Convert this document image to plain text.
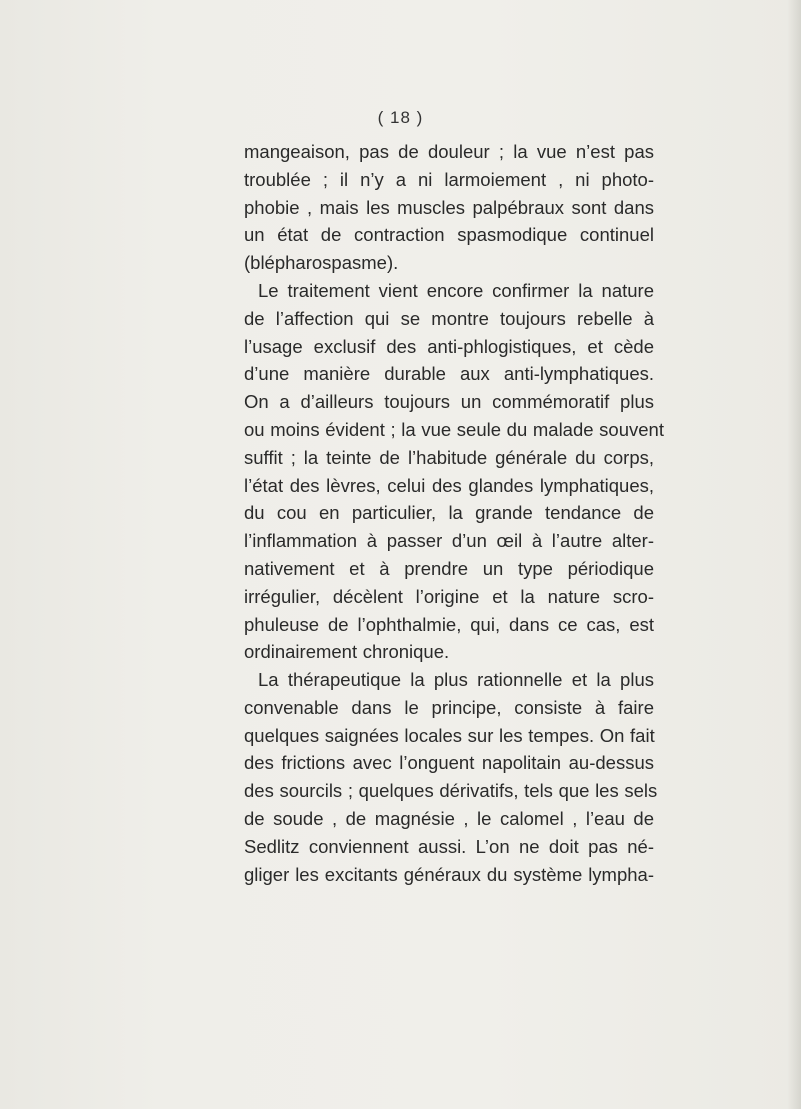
( 18 )
mangeaison, pas de douleur ; la vue n’est pas
troublée ; il n’y a ni larmoiement , ni photo-
phobie , mais les muscles palpébraux sont dans
un état de contraction spasmodique continuel
(blépharospasme).
Le traitement vient encore confirmer la nature
de l’affection qui se montre toujours rebelle à
l’usage exclusif des anti-phlogistiques, et cède
d’une manière durable aux anti-lymphatiques.
On a d’ailleurs toujours un commémoratif plus
ou moins évident ; la vue seule du malade souvent
suffit ; la teinte de l’habitude générale du corps,
l’état des lèvres, celui des glandes lymphatiques,
du cou en particulier, la grande tendance de
l’inflammation à passer d’un œil à l’autre alter-
nativement et à prendre un type périodique
irrégulier, décèlent l’origine et la nature scro-
phuleuse de l’ophthalmie, qui, dans ce cas, est
ordinairement chronique.
La thérapeutique la plus rationnelle et la plus
convenable dans le principe, consiste à faire
quelques saignées locales sur les tempes. On fait
des frictions avec l’onguent napolitain au-dessus
des sourcils ; quelques dérivatifs, tels que les sels
de soude , de magnésie , le calomel , l’eau de
Sedlitz conviennent aussi. L’on ne doit pas né-
gliger les excitants généraux du système lympha-
